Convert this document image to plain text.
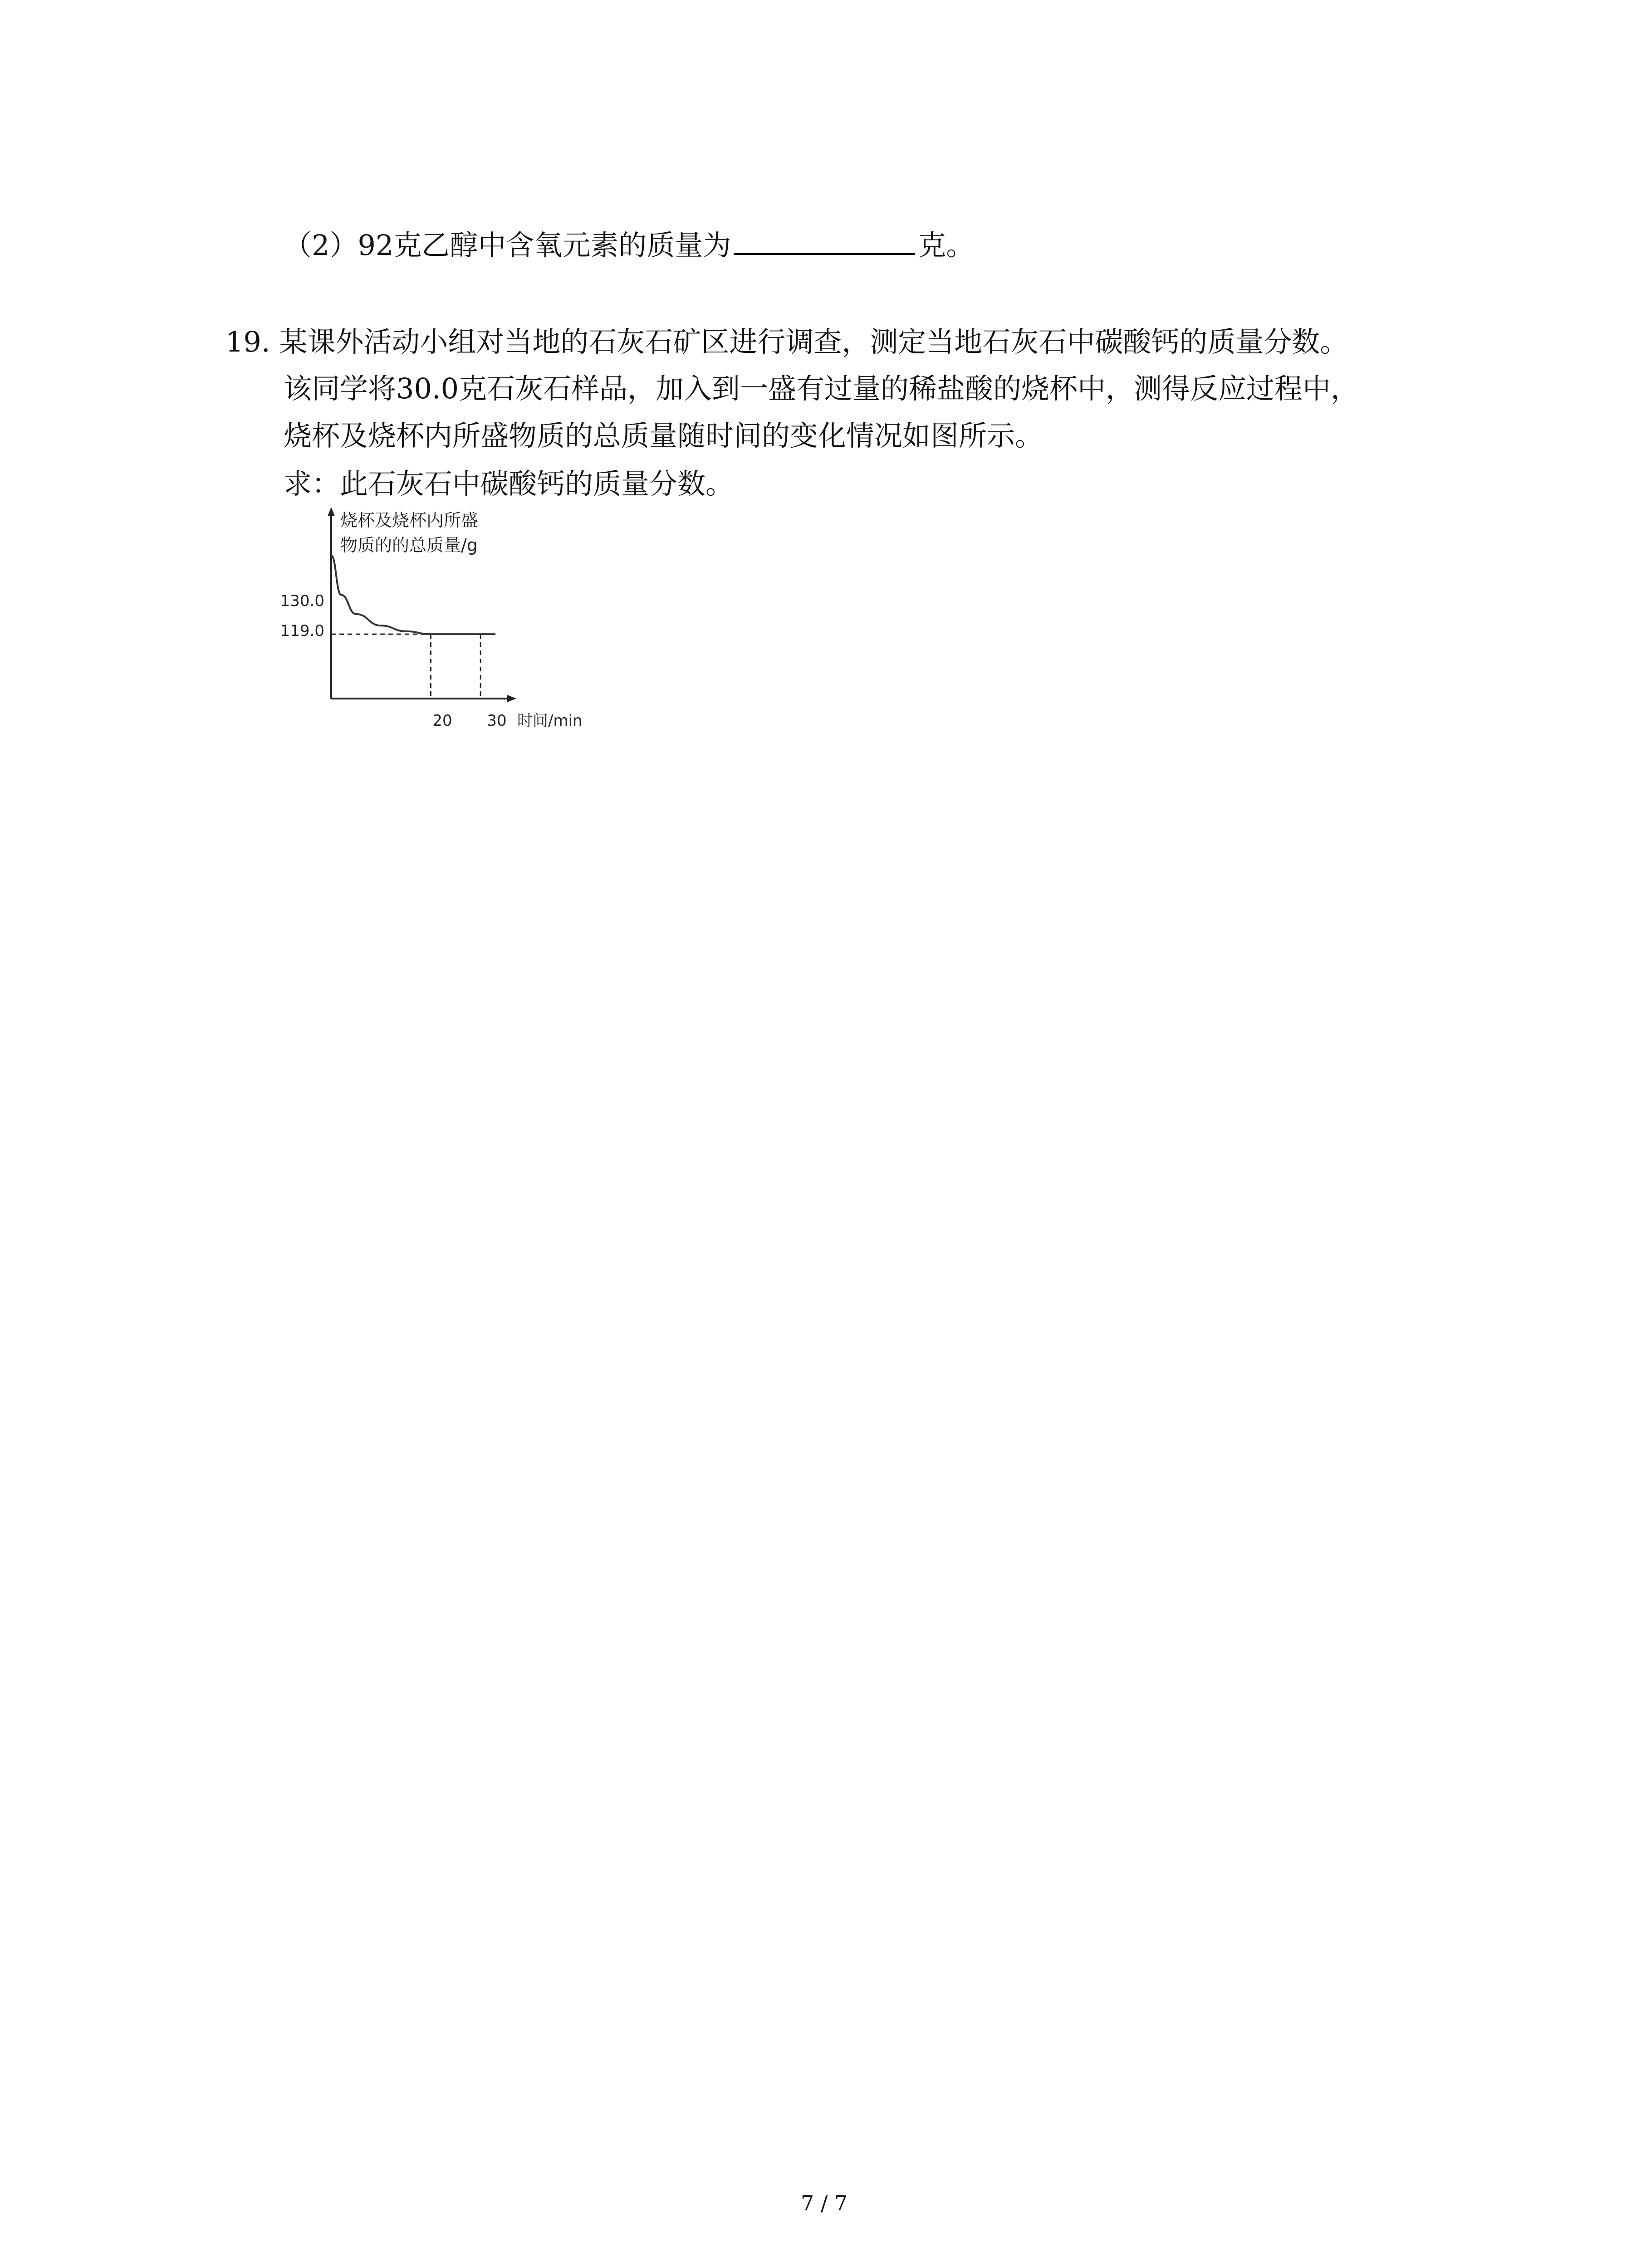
（2）92克乙醇中含氧元素的质量为	克。
19. 某课外活动小组对当地的石灰石矿区进行调查，测定当地石灰石中碳酸钙的质量分数。
该同学将30.0克石灰石样品，加入到一盛有过量的稀盐酸的烧杯中，测得反应过程中，
烧杯及烧杯内所盛物质的总质量随时间的变化情况如图所示。
求：此石灰石中碳酸钙的质量分数。
烧杯及烧杯内所盛
物质的的总质量/g
130.0
119.0
20 30 时间/min
7 / 7
